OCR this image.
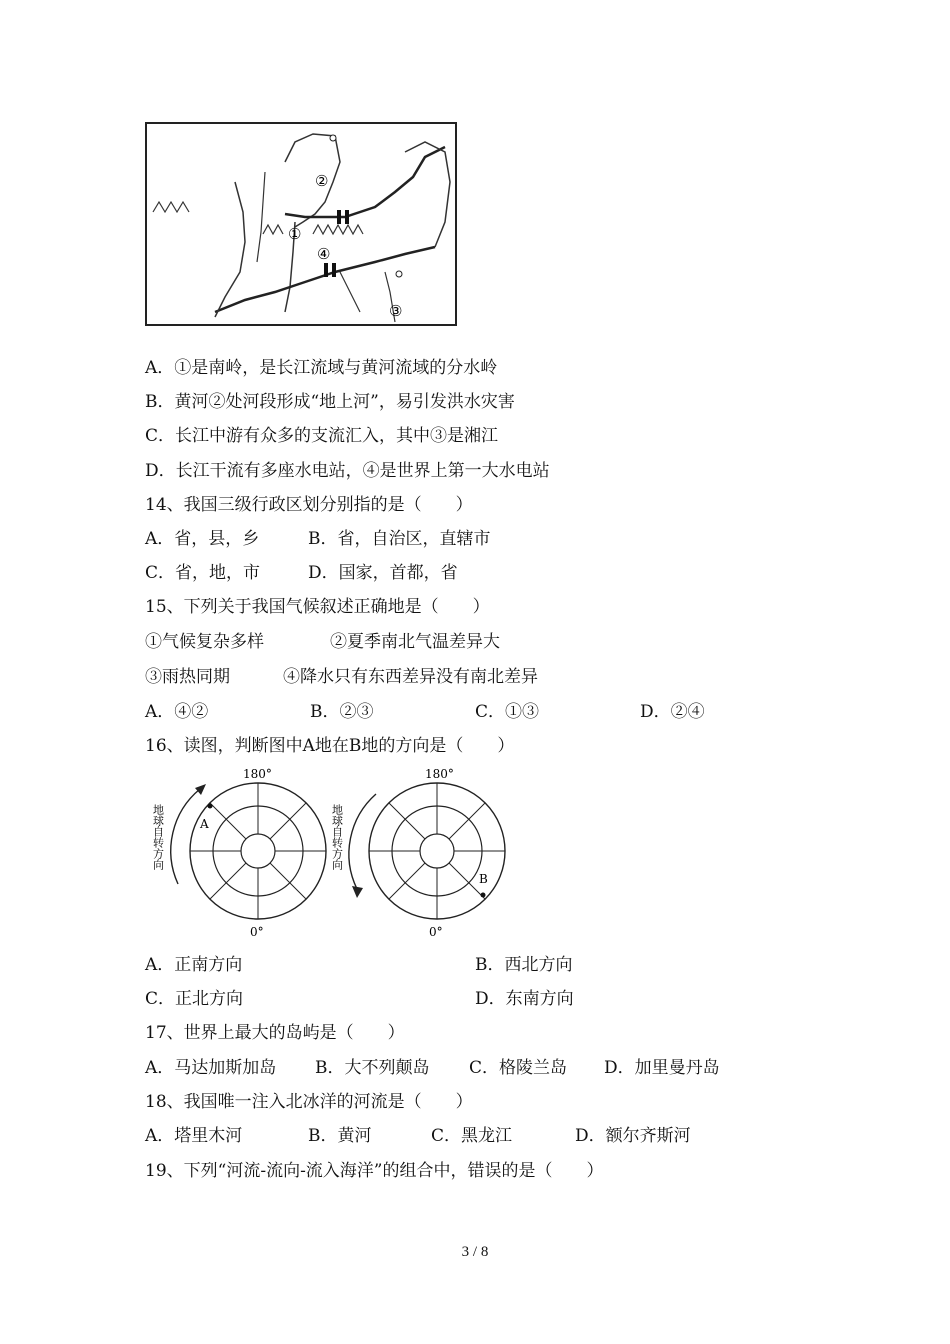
②
①
④
③
A．①是南岭，是长江流域与黄河流域的分水岭
B．黄河②处河段形成“地上河”，易引发洪水灾害
C．长江中游有众多的支流汇入，其中③是湘江
D．长江干流有多座水电站，④是世界上第一大水电站
14、我国三级行政区划分别指的是（　　）
A．省，县，乡	B．省，自治区，直辖市
C．省，地，市	D．国家，首都，省
15、下列关于我国气候叙述正确地是（　　）
①气候复杂多样	②夏季南北气温差异大
③雨热同期	④降水只有东西差异没有南北差异
A．④②	B．②③	C．①③	D．②④
16、读图，判断图中A地在B地的方向是（　　）
180°
A
0°
地球自转方向
180°
B
0°
地球自转方向
A．正南方向	B．西北方向
C．正北方向	D．东南方向
17、世界上最大的岛屿是（　　）
A．马达加斯加岛 B．大不列颠岛 C．格陵兰岛 D．加里曼丹岛
18、我国唯一注入北冰洋的河流是（　　）
A．塔里木河	B．黄河	C．黑龙江	D．额尔齐斯河
19、下列“河流-流向-流入海洋”的组合中，错误的是（　　）
3 / 8
